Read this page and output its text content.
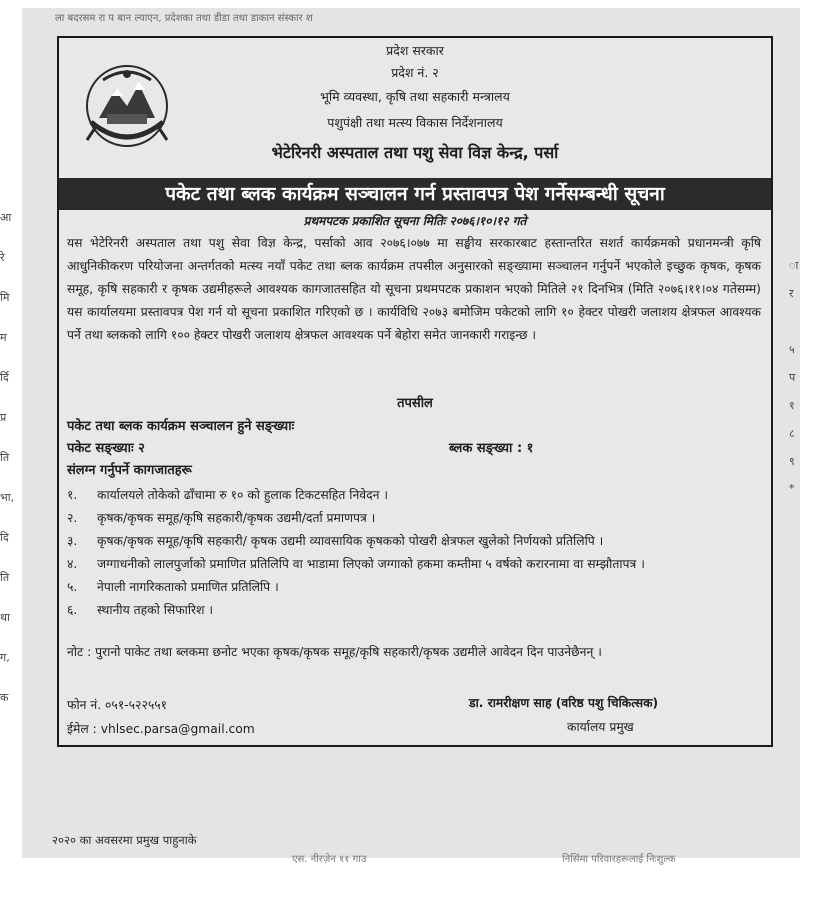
ला बदरसम रा प बान ल्याएन, प्रदेशका तथा डीडा तथा डाकान संस्कार श
आ
रे
मि
म
र्दि
प्र
ति
भा,
दि
ति
था
ग,
क
ा
र
५
प
१
८
९
*
२०२० का अवसरमा प्रमुख पाहुनाके
एस. नीरज़ेन ११ गाउ	निसिंमा परिवारहरूलाई निःशुल्क
प्रदेश सरकार
प्रदेश नं. २
भूमि व्यवस्था, कृषि तथा सहकारी मन्त्रालय
पशुपंक्षी तथा मत्स्य विकास निर्देशनालय
भेटेरिनरी अस्पताल तथा पशु सेवा विज्ञ केन्द्र, पर्सा
पकेट तथा ब्लक कार्यक्रम सञ्चालन गर्न प्रस्तावपत्र पेश गर्नेसम्बन्धी सूचना
प्रथमपटक प्रकाशित सूचना मितिः २०७६।१०।१२ गते
यस भेटेरिनरी अस्पताल तथा पशु सेवा विज्ञ केन्द्र, पर्साको आव २०७६।०७७ मा सङ्घीय सरकारबाट हस्तान्तरित सशर्त कार्यक्रमको प्रधानमन्त्री कृषि आधुनिकीकरण परियोजना अन्तर्गतको मत्स्य नयाँ पकेट तथा ब्लक कार्यक्रम तपसील अनुसारको सङ्ख्यामा सञ्चालन गर्नुपर्ने भएकोले इच्छुक कृषक, कृषक समूह, कृषि सहकारी र कृषक उद्यमीहरूले आवश्यक कागजातसहित यो सूचना प्रथमपटक प्रकाशन भएको मितिले २१ दिनभित्र (मिति २०७६।११।०४ गतेसम्म) यस कार्यालयमा प्रस्तावपत्र पेश गर्न यो सूचना प्रकाशित गरिएको छ । कार्यविधि २०७३ बमोजिम पकेटको लागि १० हेक्टर पोखरी जलाशय क्षेत्रफल आवश्यक पर्ने तथा ब्लकको लागि १०० हेक्टर पोखरी जलाशय क्षेत्रफल आवश्यक पर्ने बेहोरा समेत जानकारी गराइन्छ ।
तपसील
पकेट तथा ब्लक कार्यक्रम सञ्चालन हुने सङ्ख्याः
पकेट सङ्ख्याः २	ब्लक सङ्ख्या : १
संलग्न गर्नुपर्ने कागजातहरू
१. कार्यालयले तोकेको ढाँचामा रु १० को हुलाक टिकटसहित निवेदन ।
२. कृषक/कृषक समूह/कृषि सहकारी/कृषक उद्यमी/दर्ता प्रमाणपत्र ।
३. कृषक/कृषक समूह/कृषि सहकारी/ कृषक उद्यमी व्यावसायिक कृषकको पोखरी क्षेत्रफल खुलेको निर्णयको प्रतिलिपि ।
४. जग्गाधनीको लालपुर्जाको प्रमाणित प्रतिलिपि वा भाडामा लिएको जग्गाको हकमा कम्तीमा ५ वर्षको करारनामा वा सम्झौतापत्र ।
५. नेपाली नागरिकताको प्रमाणित प्रतिलिपि ।
६. स्थानीय तहको सिफारिश ।
नोट : पुरानो पाकेट तथा ब्लकमा छनोट भएका कृषक/कृषक समूह/कृषि सहकारी/कृषक उद्यमीले आवेदन दिन पाउनेछैनन् ।
फोन नं. ०५१-५२२५५१
ईमेल : vhlsec.parsa@gmail.com
डा. रामरीक्षण साह (वरिष्ठ पशु चिकित्सक)
कार्यालय प्रमुख
